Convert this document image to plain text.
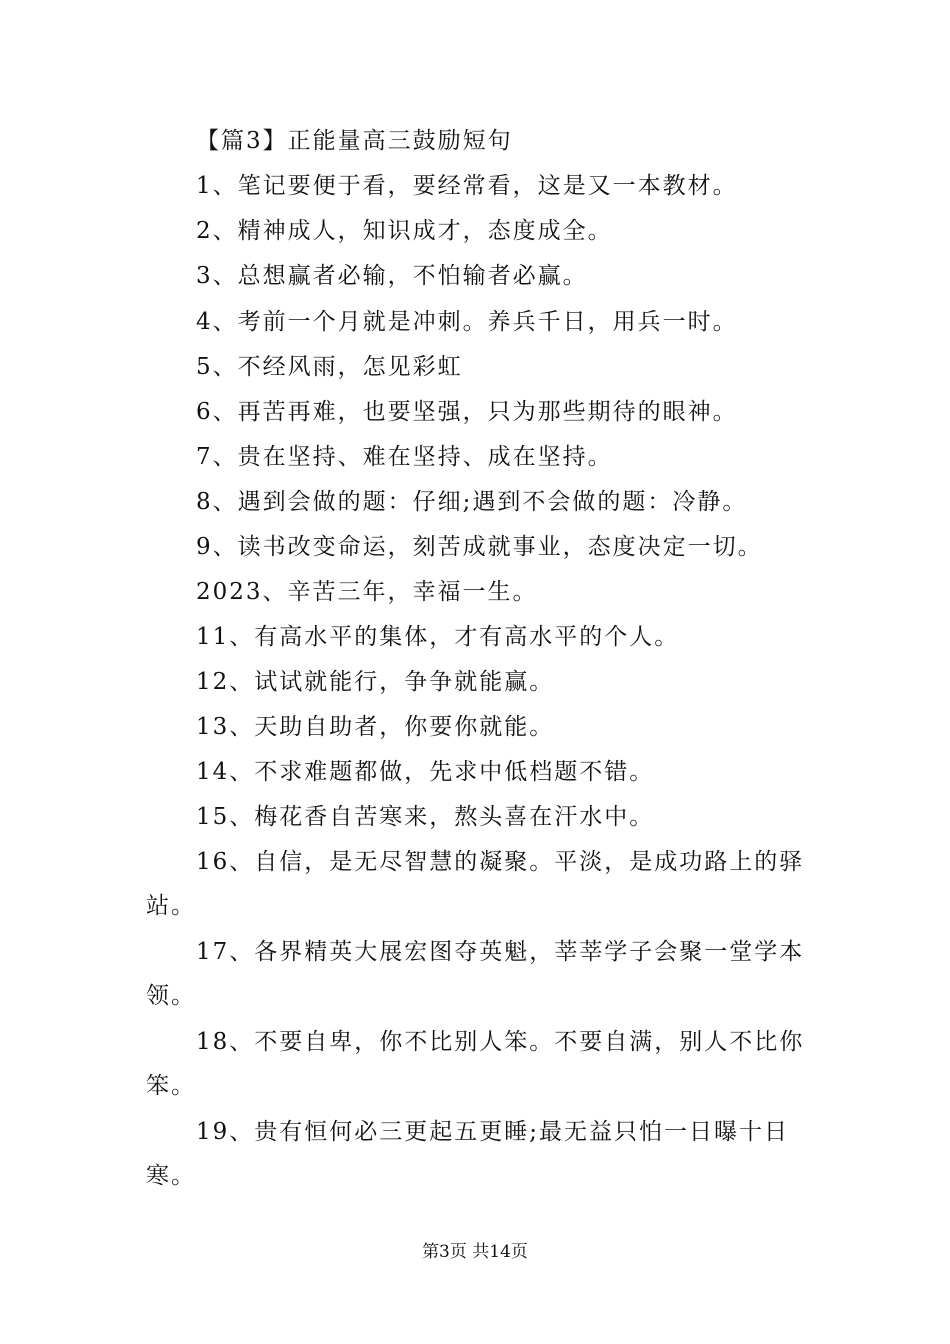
【篇3】正能量高三鼓励短句
1、笔记要便于看，要经常看，这是又一本教材。
2、精神成人，知识成才，态度成全。
3、总想赢者必输，不怕输者必赢。
4、考前一个月就是冲刺。养兵千日，用兵一时。
5、不经风雨，怎见彩虹
6、再苦再难，也要坚强，只为那些期待的眼神。
7、贵在坚持、难在坚持、成在坚持。
8、遇到会做的题：仔细;遇到不会做的题：冷静。
9、读书改变命运，刻苦成就事业，态度决定一切。
2023、辛苦三年，幸福一生。
11、有高水平的集体，才有高水平的个人。
12、试试就能行，争争就能赢。
13、天助自助者，你要你就能。
14、不求难题都做，先求中低档题不错。
15、梅花香自苦寒来，熬头喜在汗水中。
16、自信，是无尽智慧的凝聚。平淡，是成功路上的驿
站。
17、各界精英大展宏图夺英魁，莘莘学子会聚一堂学本
领。
18、不要自卑，你不比别人笨。不要自满，别人不比你
笨。
19、贵有恒何必三更起五更睡;最无益只怕一日曝十日
寒。
第3页 共14页
